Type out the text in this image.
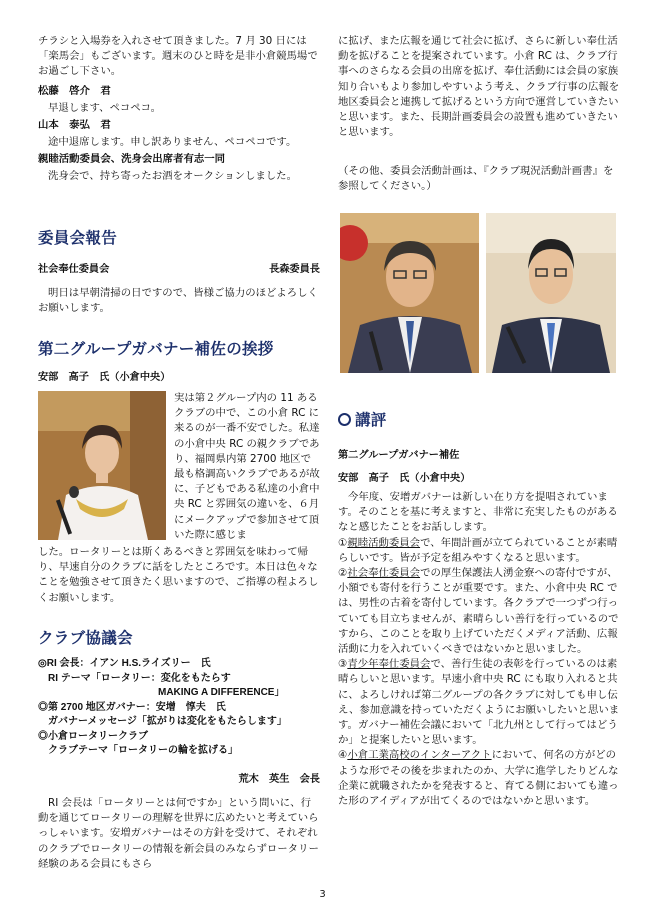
チラシと入場券を入れさせて頂きました。7 月 30 日には「楽馬会」もございます。週末のひと時を是非小倉競馬場でお過ごし下さい。

松藤　啓介　君

早退します、ペコペコ。

山本　泰弘　君

途中退席します。申し訳ありません、ペコペコです。

親睦活動委員会、洗身会出席者有志一同

洗身会で、持ち寄ったお酒をオークションしました。

委員会報告
社会奉仕委員会	長森委員長

明日は早朝清掃の日ですので、皆様ご協力のほどよろしくお願いします。

第二グループガバナー補佐の挨拶
安部　高子　氏（小倉中央）

実は第２グループ内の 11 あるクラブの中で、この小倉 RC に来るのが一番不安でした。私達の小倉中央 RC の親クラブであり、福岡県内第 2700 地区で最も格調高いクラブであるが故に、子どもである私達の小倉中央 RC と雰囲気の違いを、６月にメークアップで参加させて頂いた際に感じま

した。ロータリーとは斯くあるべきと雰囲気を味わって帰り、早速自分のクラブに話をしたところです。本日は色々なことを勉強させて頂きたく思いますので、ご指導の程よろしくお願いします。

クラブ協議会
◎RI 会長：イアン H.S.ライズリー　氏
RI テーマ「ロータリー：変化をもたらす
MAKING A DIFFERENCE」
◎第 2700 地区ガバナー：安增　惇夫　氏
ガバナーメッセージ「拡がりは変化をもたらします」
◎小倉ロータリークラブ
クラブテーマ「ロータリーの輪を拡げる」
荒木　英生　会長

RI 会長は「ロータリーとは何ですか」という問いに、行動を通じてロータリーの理解を世界に広めたいと考えていらっしゃいます。安増ガバナーはその方針を受けて、それぞれのクラブでロータリーの情報を新会員のみならずロータリー経験のある会員にもさら

に拡げ、また広報を通じて社会に拡げ、さらに新しい奉仕活動を拡げることを提案されています。小倉 RC は、クラブ行事へのさらなる会員の出席を拡げ、奉仕活動には会員の家族知り合いもより参加しやすいよう考え、クラブ行事の広報を地区委員会と連携して拡げるという方向で運営していきたいと思います。また、長期計画委員会の設置も進めていきたいと思います。

（その他、委員会活動計画は、『クラブ現況活動計画書』を参照してください。）

講評
第二グループガバナー補佐
安部　高子　氏（小倉中央）

今年度、安增ガバナーは新しい在り方を提唱されています。そのことを基に考えますと、非常に充実したものがあるなと感じたことをお話しします。

①親睦活動委員会で、年間計画が立てられていることが素晴らしいです。皆が予定を組みやすくなると思います。

②社会奉仕委員会での厚生保護法人湧金寮への寄付ですが、小額でも寄付を行うことが重要です。また、小倉中央 RC では、男性の古着を寄付しています。各クラブで一つずつ行っていても目立ちませんが、素晴らしい善行を行っているのですから、このことを取り上げていただくメディア活動、広報活動に力を入れていくべきではないかと思いました。

③青少年奉仕委員会で、善行生徒の表彰を行っているのは素晴らしいと思います。早速小倉中央 RC にも取り入れると共に、よろしければ第二グループの各クラブに対しても申し伝え、参加意識を持っていただくようにお願いしたいと思います。ガバナー補佐会議において「北九州として行ってはどうか」と提案したいと思います。

④小倉工業高校のインターアクトにおいて、何名の方がどのような形でその後を歩まれたのか、大学に進学したりどんな企業に就職されたかを発表すると、育てる側においても違った形のアイディアが出てくるのではないかと思います。

3
